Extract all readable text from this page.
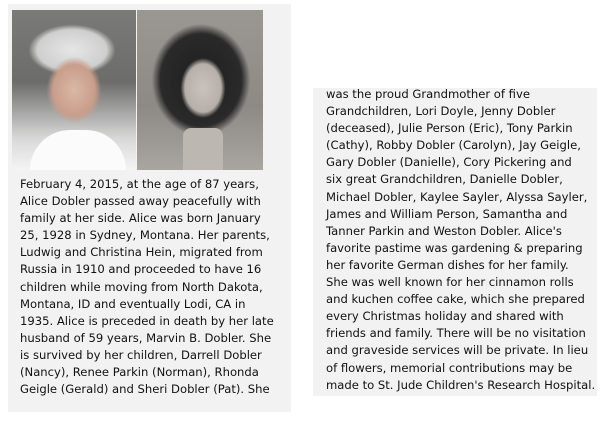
February 4, 2015, at the age of 87 years,
Alice Dobler passed away peacefully with
family at her side. Alice was born January
25, 1928 in Sydney, Montana. Her parents,
Ludwig and Christina Hein, migrated from
Russia in 1910 and proceeded to have 16
children while moving from North Dakota,
Montana, ID and eventually Lodi, CA in
1935. Alice is preceded in death by her late
husband of 59 years, Marvin B. Dobler. She
is survived by her children, Darrell Dobler
(Nancy), Renee Parkin (Norman), Rhonda
Geigle (Gerald) and Sheri Dobler (Pat). She
was the proud Grandmother of five
Grandchildren, Lori Doyle, Jenny Dobler
(deceased), Julie Person (Eric), Tony Parkin
(Cathy), Robby Dobler (Carolyn), Jay Geigle,
Gary Dobler (Danielle), Cory Pickering and
six great Grandchildren, Danielle Dobler,
Michael Dobler, Kaylee Sayler, Alyssa Sayler,
James and William Person, Samantha and
Tanner Parkin and Weston Dobler. Alice's
favorite pastime was gardening & preparing
her favorite German dishes for her family.
She was well known for her cinnamon rolls
and kuchen coffee cake, which she prepared
every Christmas holiday and shared with
friends and family. There will be no visitation
and graveside services will be private. In lieu
of flowers, memorial contributions may be
made to St. Jude Children's Research Hospital.
